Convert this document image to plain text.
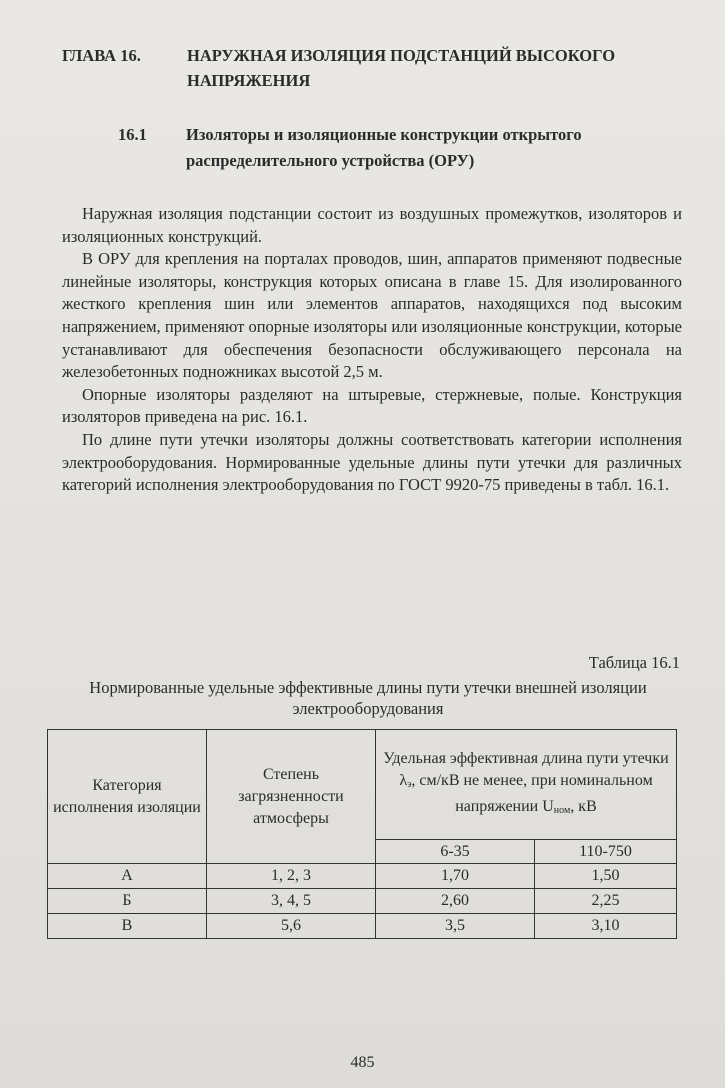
ГЛАВА 16.	НАРУЖНАЯ ИЗОЛЯЦИЯ ПОДСТАНЦИЙ ВЫСОКОГО НАПРЯЖЕНИЯ
16.1	Изоляторы и изоляционные конструкции открытого распределительного устройства (ОРУ)

Наружная изоляция подстанции состоит из воздушных промежутков, изоляторов и изоляционных конструкций.

В ОРУ для крепления на порталах проводов, шин, аппаратов применяют подвесные линейные изоляторы, конструкция которых описана в главе 15. Для изолированного жесткого крепления шин или элементов аппаратов, находящихся под высоким напряжением, применяют опорные изоляторы или изоляционные конструкции, которые устанавливают для обеспечения безопасности обслуживающего персонала на железобетонных подножниках высотой 2,5 м.

Опорные изоляторы разделяют на штыревые, стержневые, полые. Конструкция изоляторов приведена на рис. 16.1.

По длине пути утечки изоляторы должны соответствовать категории исполнения электрооборудования. Нормированные удельные длины пути утечки для различных категорий исполнения электрооборудования по ГОСТ 9920-75 приведены в табл. 16.1.

Таблица 16.1
Нормированные удельные эффективные длины пути утечки внешней изоляции электрооборудования
Категория исполнения изоляции	Степень загрязненности атмосферы	Удельная эффективная длина пути утечки λэ, см/кВ не менее, при номинальном напряжении Uном, кВ	
		6-35	110-750
А	1, 2, 3	1,70	1,50
Б	3, 4, 5	2,60	2,25
В	5,6	3,5	3,10
485
